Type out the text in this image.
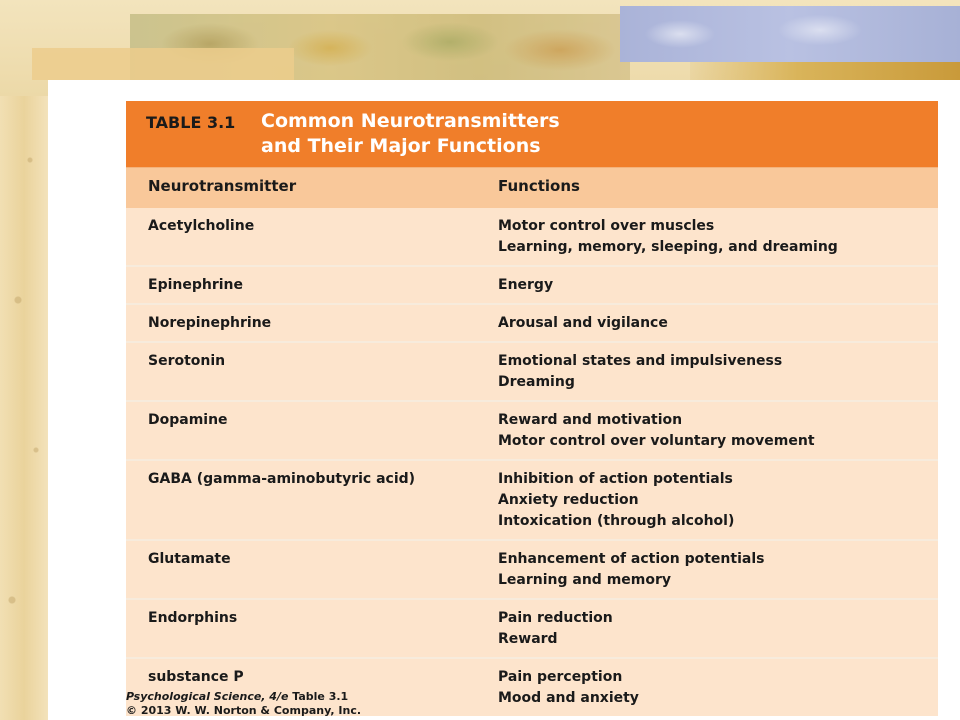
TABLE 3.1 Common Neurotransmitters
and Their Major Functions
Neurotransmitter	Functions
Acetylcholine	Motor control over muscles
Learning, memory, sleeping, and dreaming
Epinephrine	Energy
Norepinephrine	Arousal and vigilance
Serotonin	Emotional states and impulsiveness
Dreaming
Dopamine	Reward and motivation
Motor control over voluntary movement
GABA (gamma-aminobutyric acid)	Inhibition of action potentials
Anxiety reduction
Intoxication (through alcohol)
Glutamate	Enhancement of action potentials
Learning and memory
Endorphins	Pain reduction
Reward
substance P	Pain perception
Mood and anxiety
Psychological Science, 4/e Table 3.1
© 2013 W. W. Norton & Company, Inc.
